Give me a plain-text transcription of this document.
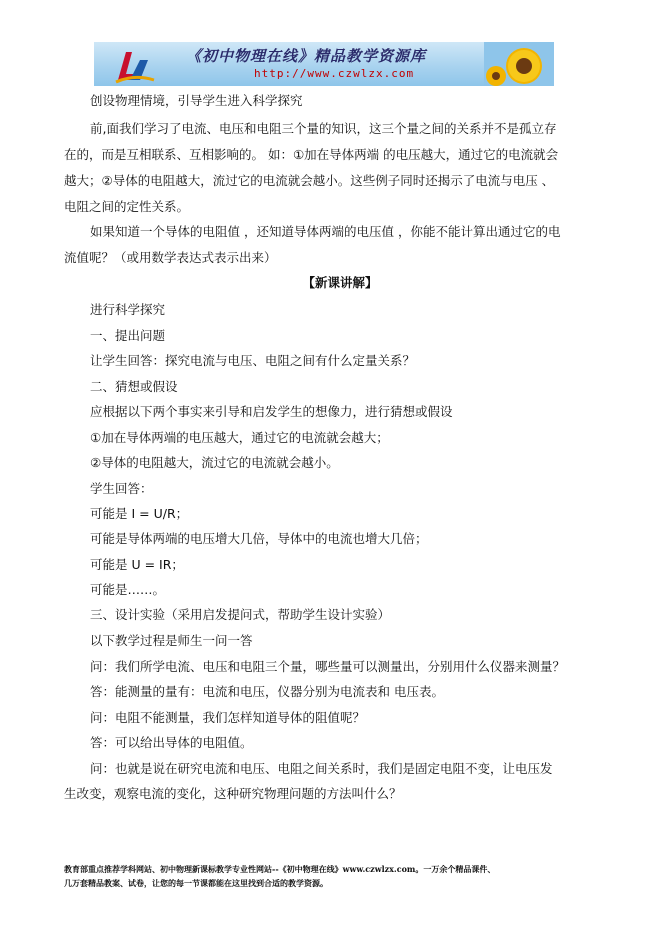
《初中物理在线》精品教学资源库
http://www.czwlzx.com
创设物理情境，引导学生进入科学探究
前,面我们学习了电流、电压和电阻三个量的知识，这三个量之间的关系并不是孤立存
在的，而是互相联系、互相影响的。 如：①加在导体两端 的电压越大，通过它的电流就会
越大；②导体的电阻越大，流过它的电流就会越小。这些例子同时还揭示了电流与电压 、
电阻之间的定性关系。
如果知道一个导体的电阻值 ，还知道导体两端的电压值 ，你能不能计算出通过它的电
流值呢？（或用数学表达式表示出来）
【新课讲解】
进行科学探究
一、提出问题
让学生回答：探究电流与电压、电阻之间有什么定量关系？
二、猜想或假设
应根据以下两个事实来引导和启发学生的想像力，进行猜想或假设
①加在导体两端的电压越大，通过它的电流就会越大；
②导体的电阻越大，流过它的电流就会越小。
学生回答：
可能是 I = U/R；
可能是导体两端的电压增大几倍，导体中的电流也增大几倍；
可能是 U = IR；
可能是……。
三、设计实验（采用启发提问式，帮助学生设计实验）
以下教学过程是师生一问一答
问：我们所学电流、电压和电阻三个量，哪些量可以测量出，分别用什么仪器来测量？
答：能测量的量有：电流和电压，仪器分别为电流表和 电压表。
问：电阻不能测量，我们怎样知道导体的阻值呢？
答：可以给出导体的电阻值。
问：也就是说在研究电流和电压、电阻之间关系时，我们是固定电阻不变，让电压发
生改变，观察电流的变化，这种研究物理问题的方法叫什么？
教育部重点推荐学科网站、初中物理新课标教学专业性网站--《初中物理在线》www.czwlzx.com。一万余个精品课件、
几万套精品教案、试卷，让您的每一节课都能在这里找到合适的教学资源。
